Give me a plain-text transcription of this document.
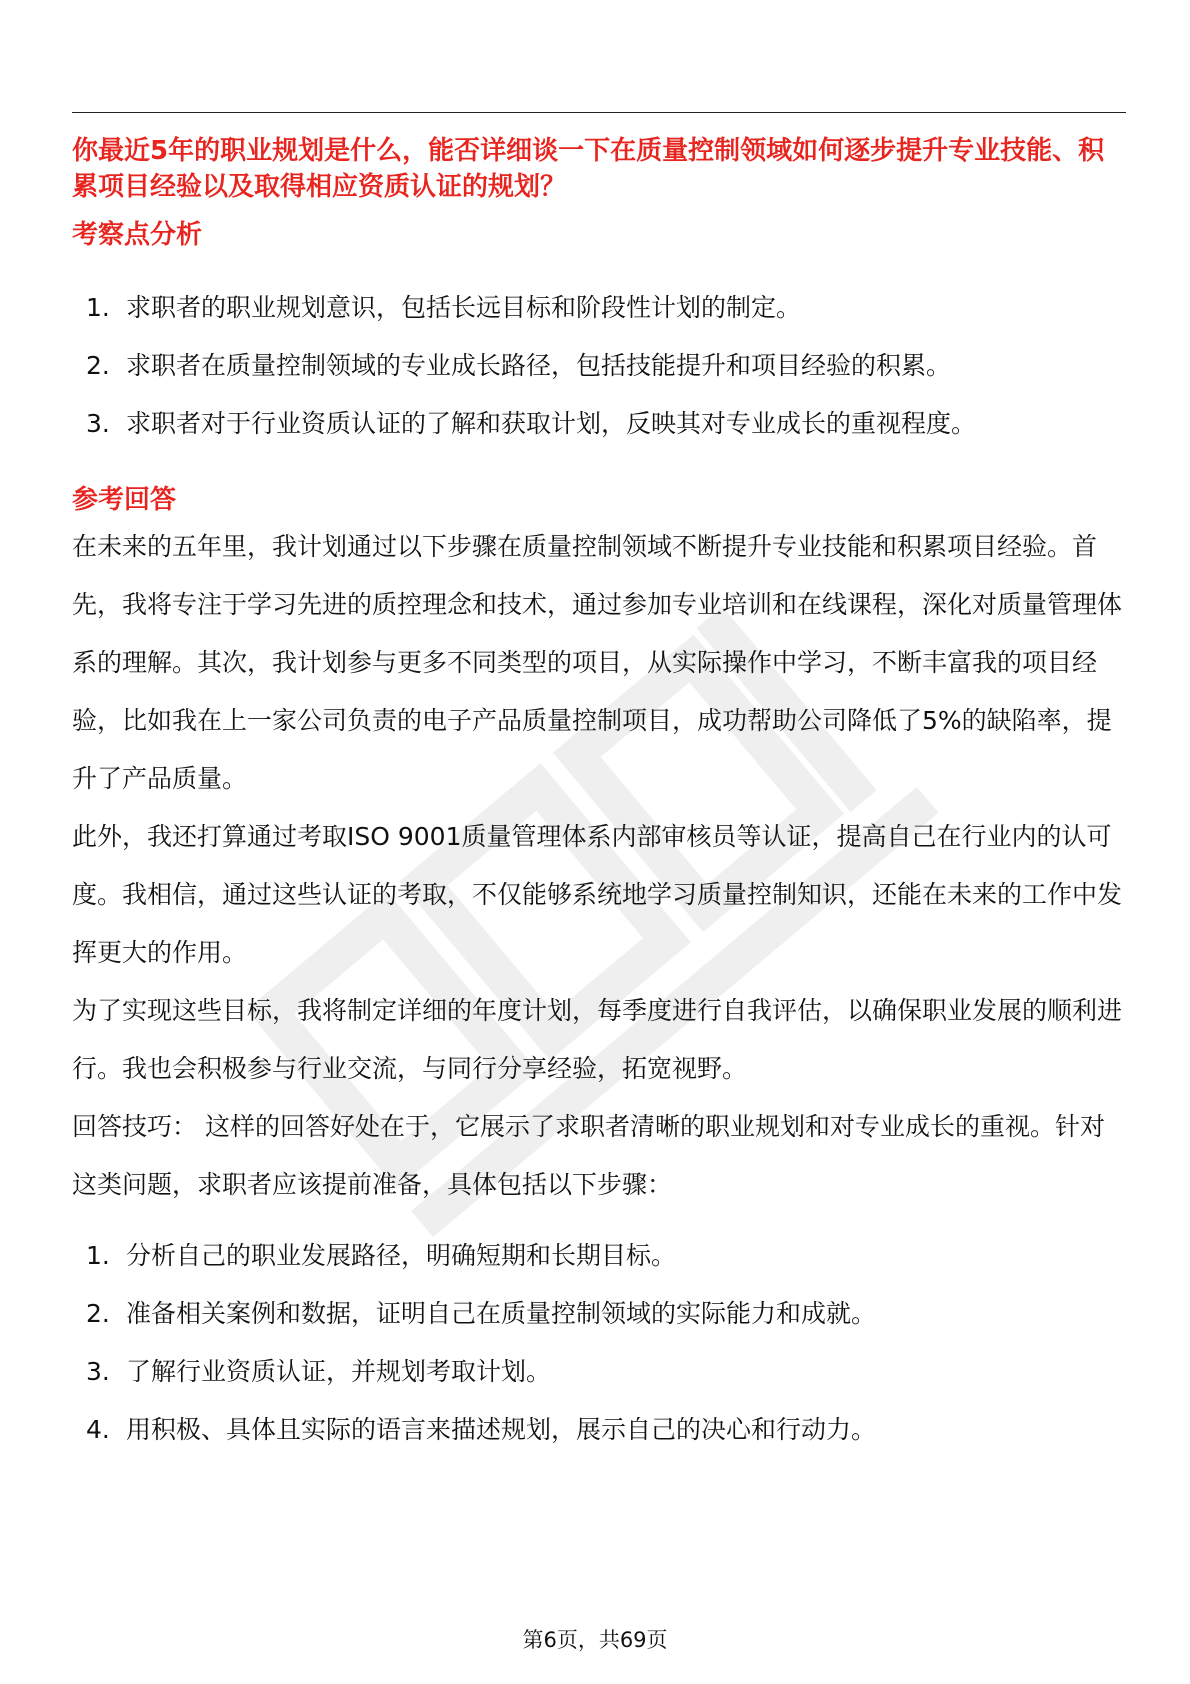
你最近5年的职业规划是什么，能否详细谈一下在质量控制领域如何逐步提升专业技能、积累项目经验以及取得相应资质认证的规划？
考察点分析
1. 求职者的职业规划意识，包括长远目标和阶段性计划的制定。
2. 求职者在质量控制领域的专业成长路径，包括技能提升和项目经验的积累。
3. 求职者对于行业资质认证的了解和获取计划，反映其对专业成长的重视程度。
参考回答

在未来的五年里，我计划通过以下步骤在质量控制领域不断提升专业技能和积累项目经验。首先，我将专注于学习先进的质控理念和技术，通过参加专业培训和在线课程，深化对质量管理体系的理解。其次，我计划参与更多不同类型的项目，从实际操作中学习，不断丰富我的项目经验，比如我在上一家公司负责的电子产品质量控制项目，成功帮助公司降低了5%的缺陷率，提升了产品质量。

此外，我还打算通过考取ISO 9001质量管理体系内部审核员等认证，提高自己在行业内的认可度。我相信，通过这些认证的考取，不仅能够系统地学习质量控制知识，还能在未来的工作中发挥更大的作用。

为了实现这些目标，我将制定详细的年度计划，每季度进行自我评估，以确保职业发展的顺利进行。我也会积极参与行业交流，与同行分享经验，拓宽视野。

回答技巧： 这样的回答好处在于，它展示了求职者清晰的职业规划和对专业成长的重视。针对这类问题，求职者应该提前准备，具体包括以下步骤：

1. 分析自己的职业发展路径，明确短期和长期目标。
2. 准备相关案例和数据，证明自己在质量控制领域的实际能力和成就。
3. 了解行业资质认证，并规划考取计划。
4. 用积极、具体且实际的语言来描述规划，展示自己的决心和行动力。
第6页，共69页
